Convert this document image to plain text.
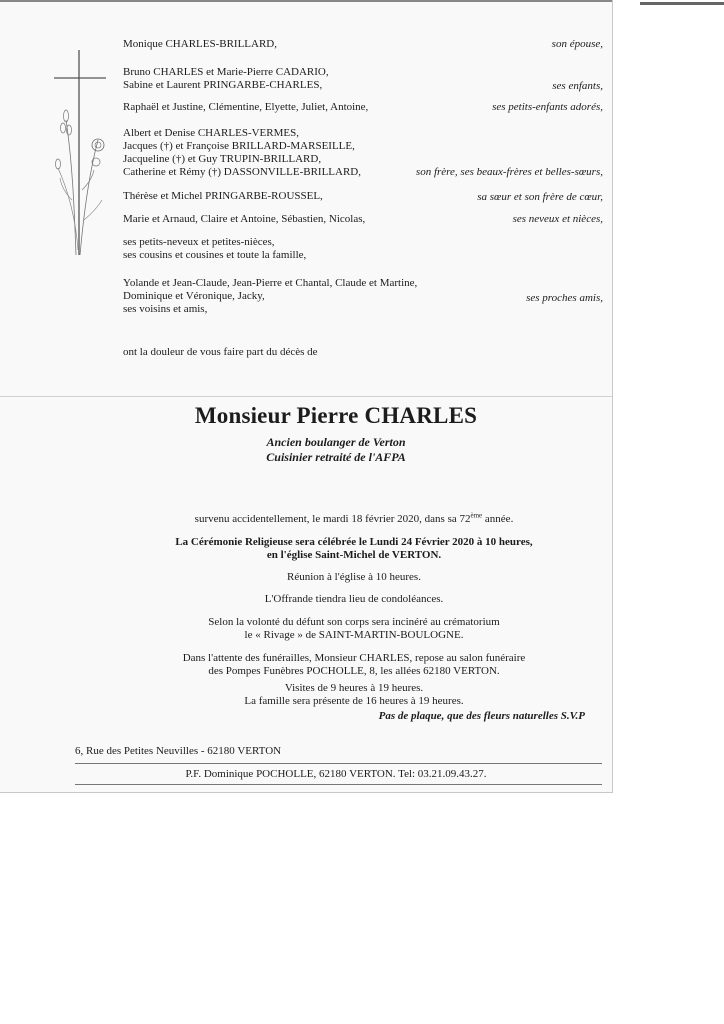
Monique CHARLES-BRILLARD,	son épouse,
Bruno CHARLES et Marie-Pierre CADARIO,
Sabine et Laurent PRINGARBE-CHARLES,	ses enfants,
Raphaël et Justine, Clémentine, Elyette, Juliet, Antoine,	ses petits-enfants adorés,
Albert et Denise CHARLES-VERMES,
Jacques (†) et Françoise BRILLARD-MARSEILLE,
Jacqueline (†) et Guy TRUPIN-BRILLARD,
Catherine et Rémy (†) DASSONVILLE-BRILLARD,	son frère, ses beaux-frères et belles-sœurs,
Thérèse et Michel PRINGARBE-ROUSSEL,	sa sœur et son frère de cœur,
Marie et Arnaud, Claire et Antoine, Sébastien, Nicolas,	ses neveux et nièces,
ses petits-neveux et petites-nièces,
ses cousins et cousines et toute la famille,
Yolande et Jean-Claude, Jean-Pierre et Chantal, Claude et Martine,
Dominique et Véronique, Jacky,
ses voisins et amis,
ses proches amis,
ont la douleur de vous faire part du décès de
Monsieur Pierre CHARLES
Ancien boulanger de Verton
Cuisinier retraité de l'AFPA
survenu accidentellement, le mardi 18 février 2020, dans sa 72ème année.
La Cérémonie Religieuse sera célébrée le Lundi 24 Février 2020 à 10 heures,
en l'église Saint-Michel de VERTON.
Réunion à l'église à 10 heures.
L'Offrande tiendra lieu de condoléances.
Selon la volonté du défunt son corps sera incinéré au crématorium
le « Rivage » de SAINT-MARTIN-BOULOGNE.
Dans l'attente des funérailles, Monsieur CHARLES, repose au salon funéraire
des Pompes Funèbres POCHOLLE, 8, les allées 62180 VERTON.
Visites de 9 heures à 19 heures.
La famille sera présente de 16 heures à 19 heures.
Pas de plaque, que des fleurs naturelles S.V.P
6, Rue des Petites Neuvilles - 62180 VERTON
P.F. Dominique POCHOLLE, 62180 VERTON. Tel: 03.21.09.43.27.
